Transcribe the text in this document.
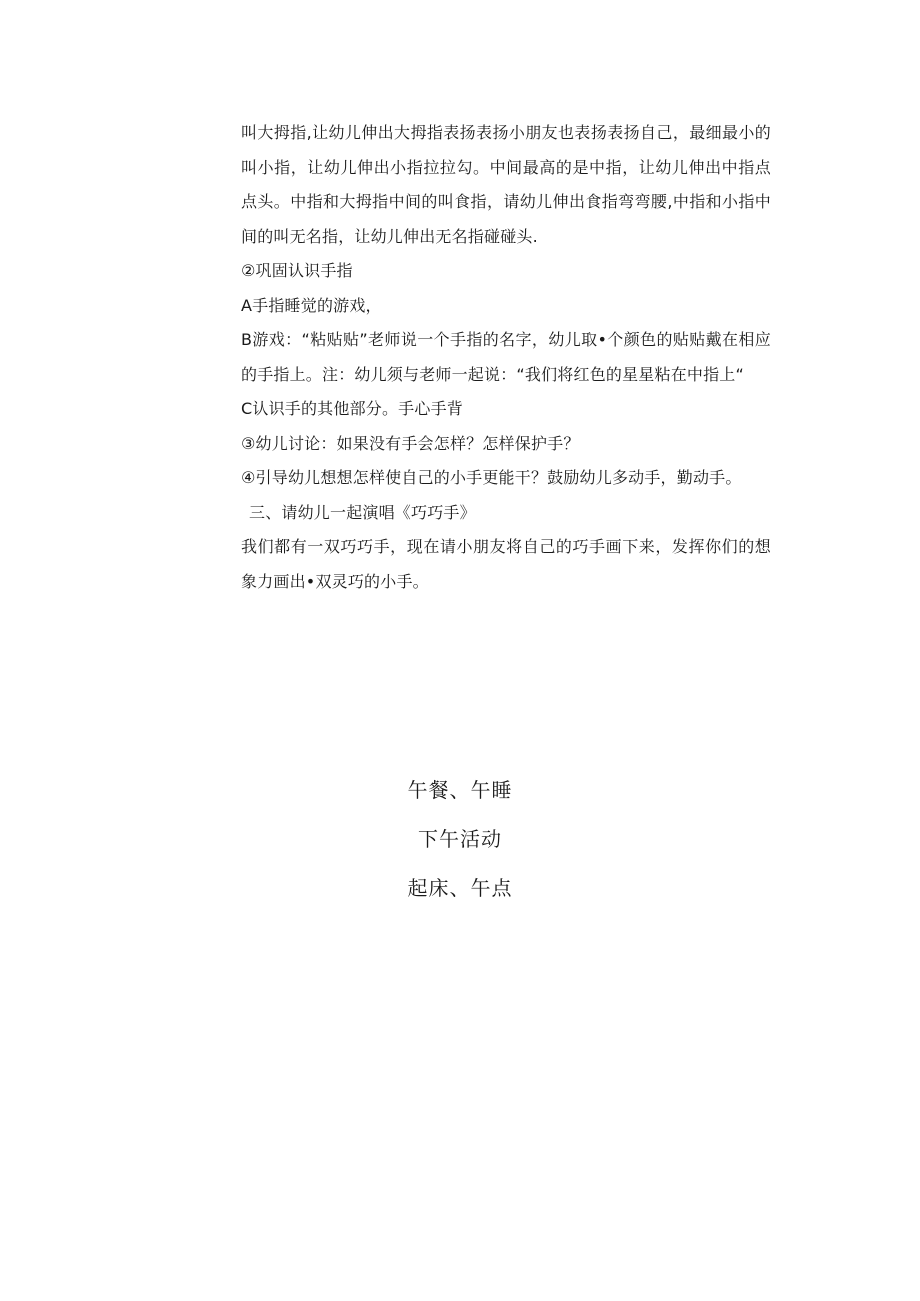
叫大拇指,让幼儿伸出大拇指表扬表扬小朋友也表扬表扬自己，最细最小的叫小指，让幼儿伸出小指拉拉勾。中间最高的是中指，让幼儿伸出中指点点头。中指和大拇指中间的叫食指，请幼儿伸出食指弯弯腰,中指和小指中间的叫无名指，让幼儿伸出无名指碰碰头.

②巩固认识手指

A手指睡觉的游戏，

B游戏：“粘贴贴”老师说一个手指的名字，幼儿取•个颜色的贴贴戴在相应的手指上。注：幼儿须与老师一起说：“我们将红色的星星粘在中指上“

C认识手的其他部分。手心手背

③幼儿讨论：如果没有手会怎样？怎样保护手？

④引导幼儿想想怎样使自己的小手更能干？鼓励幼儿多动手，勤动手。

三、请幼儿一起演唱《巧巧手》

我们都有一双巧巧手，现在请小朋友将自己的巧手画下来，发挥你们的想象力画出•双灵巧的小手。

午餐、午睡
下午活动
起床、午点
